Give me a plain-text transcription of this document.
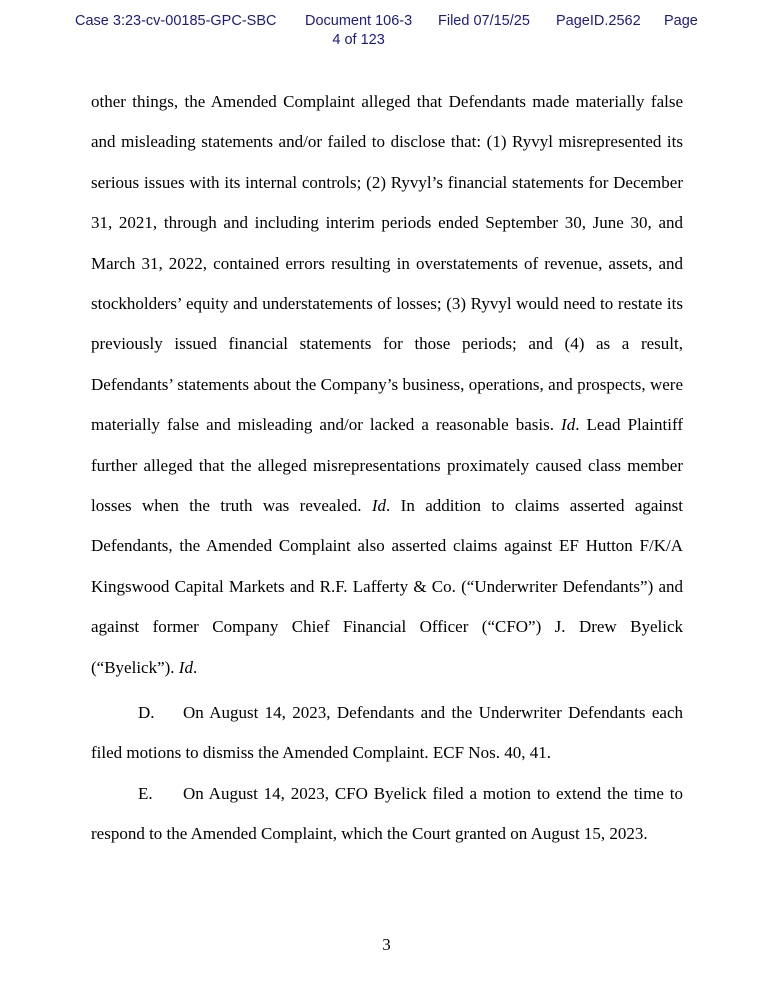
Case 3:23-cv-00185-GPC-SBC Document 106-3
4 of 123
Filed 07/15/25 PageID.2562 Page

other things, the Amended Complaint alleged that Defendants made materially false and misleading statements and/or failed to disclose that: (1) Ryvyl misrepresented its serious issues with its internal controls; (2) Ryvyl’s financial statements for December 31, 2021, through and including interim periods ended September 30, June 30, and March 31, 2022, contained errors resulting in overstatements of revenue, assets, and stockholders’ equity and understatements of losses; (3) Ryvyl would need to restate its previously issued financial statements for those periods; and (4) as a result, Defendants’ statements about the Company’s business, operations, and prospects, were materially false and misleading and/or lacked a reasonable basis. Id. Lead Plaintiff further alleged that the alleged misrepresentations proximately caused class member losses when the truth was revealed. Id. In addition to claims asserted against Defendants, the Amended Complaint also asserted claims against EF Hutton F/K/A Kingswood Capital Markets and R.F. Lafferty & Co. (“Underwriter Defendants”) and against former Company Chief Financial Officer (“CFO”) J. Drew Byelick (“Byelick”). Id.

D. On August 14, 2023, Defendants and the Underwriter Defendants each filed motions to dismiss the Amended Complaint. ECF Nos. 40, 41.

E. On August 14, 2023, CFO Byelick filed a motion to extend the time to respond to the Amended Complaint, which the Court granted on August 15, 2023.

3
